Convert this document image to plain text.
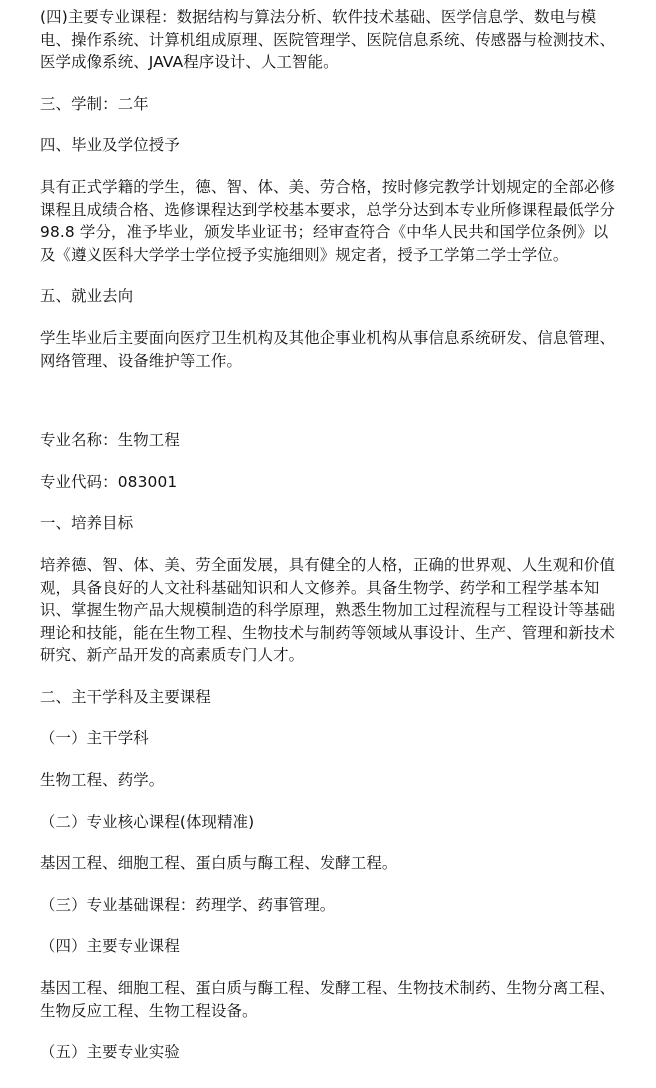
(四)主要专业课程：数据结构与算法分析、软件技术基础、医学信息学、数电与模电、操作系统、计算机组成原理、医院管理学、医院信息系统、传感器与检测技术、医学成像系统、JAVA程序设计、人工智能。

三、学制：二年

四、毕业及学位授予

具有正式学籍的学生，德、智、体、美、劳合格，按时修完教学计划规定的全部必修课程且成绩合格、选修课程达到学校基本要求，总学分达到本专业所修课程最低学分 98.8 学分，准予毕业，颁发毕业证书；经审查符合《中华人民共和国学位条例》以及《遵义医科大学学士学位授予实施细则》规定者，授予工学第二学士学位。

五、就业去向

学生毕业后主要面向医疗卫生机构及其他企事业机构从事信息系统研发、信息管理、网络管理、设备维护等工作。

专业名称：生物工程

专业代码：083001

一、培养目标

培养德、智、体、美、劳全面发展，具有健全的人格，正确的世界观、人生观和价值观，具备良好的人文社科基础知识和人文修养。具备生物学、药学和工程学基本知识、掌握生物产品大规模制造的科学原理，熟悉生物加工过程流程与工程设计等基础理论和技能，能在生物工程、生物技术与制药等领域从事设计、生产、管理和新技术研究、新产品开发的高素质专门人才。

二、主干学科及主要课程

（一）主干学科

生物工程、药学。

（二）专业核心课程(体现精准)

基因工程、细胞工程、蛋白质与酶工程、发酵工程。

（三）专业基础课程：药理学、药事管理。

（四）主要专业课程

基因工程、细胞工程、蛋白质与酶工程、发酵工程、生物技术制药、生物分离工程、生物反应工程、生物工程设备。

（五）主要专业实验
